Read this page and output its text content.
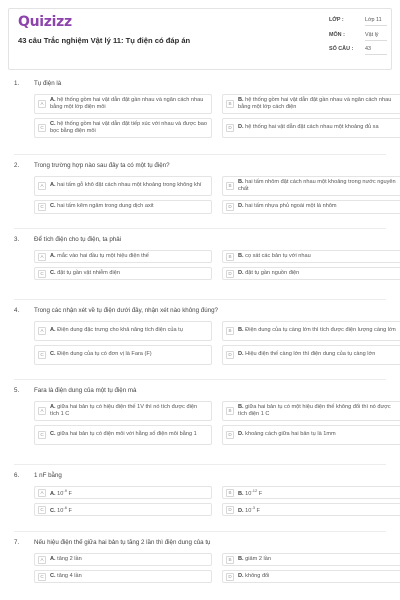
Quizizz
43 câu Trắc nghiệm Vật lý 11: Tụ điện có đáp án
LỚP :	Lớp 11
MÔN :	Vật lý
SỐ CÂU :	43
1. Tụ điện là
A
A. hệ thống gồm hai vật dẫn đặt gần nhau và ngăn cách nhau bằng một lớp điện môi
B
B. hệ thống gồm hai vật dẫn đặt gần nhau và ngăn cách nhau bằng một lớp cách điện
C
C. hệ thống gồm hai vật dẫn đặt tiếp xúc với nhau và được bao bọc bằng điện môi
D	D. hệ thống hai vật dẫn đặt cách nhau một khoảng đủ xa
2. Trong trường hợp nào sau đây ta có một tụ điện?
A	A. hai tấm gỗ khô đặt cách nhau một khoảng trong không khí	B
B. hai tấm nhôm đặt cách nhau một khoảng trong nước nguyên chất
C	C. hai tấm kẽm ngâm trong dung dịch axit	D	D. hai tấm nhựa phủ ngoài một lá nhôm
3. Để tích điện cho tụ điện, ta phải
A	A. mắc vào hai đầu tụ một hiệu điện thế	B	B. cọ xát các bản tụ với nhau
C	C. đặt tụ gần vật nhiễm điện	D	D. đặt tụ gần nguồn điện
4. Trong các nhận xét về tụ điện dưới đây, nhận xét nào không đúng?
A	A. Điện dung đặc trưng cho khả năng tích điện của tụ	B	B. Điện dung của tụ càng lớn thì tích được điện lượng càng lớn
C	C. Điện dung của tụ có đơn vị là Fara (F)	D	D. Hiệu điện thế càng lớn thì điện dung của tụ càng lớn
5. Fara là điện dung của một tụ điện mà
A
A. giữa hai bản tụ có hiệu điện thế 1V thì nó tích được điện tích 1 C
B
B. giữa hai bản tụ có một hiệu điện thế không đổi thì nó được tích điện 1 C
C	C. giữa hai bản tụ có điện môi với hằng số điện môi bằng 1	D	D. khoảng cách giữa hai bản tụ là 1mm
6. 1 nF bằng
A	A. $10^{-9}$ F	B	B. $10^{-12}$ F
C	C. $10^{-6}$ F	D	D. $10^{-3}$ F
7. Nếu hiệu điện thế giữa hai bản tụ tăng 2 lần thì điện dung của tụ
A	A. tăng 2 lần	B	B. giảm 2 lần
C	C. tăng 4 lần	D	D. không đổi
